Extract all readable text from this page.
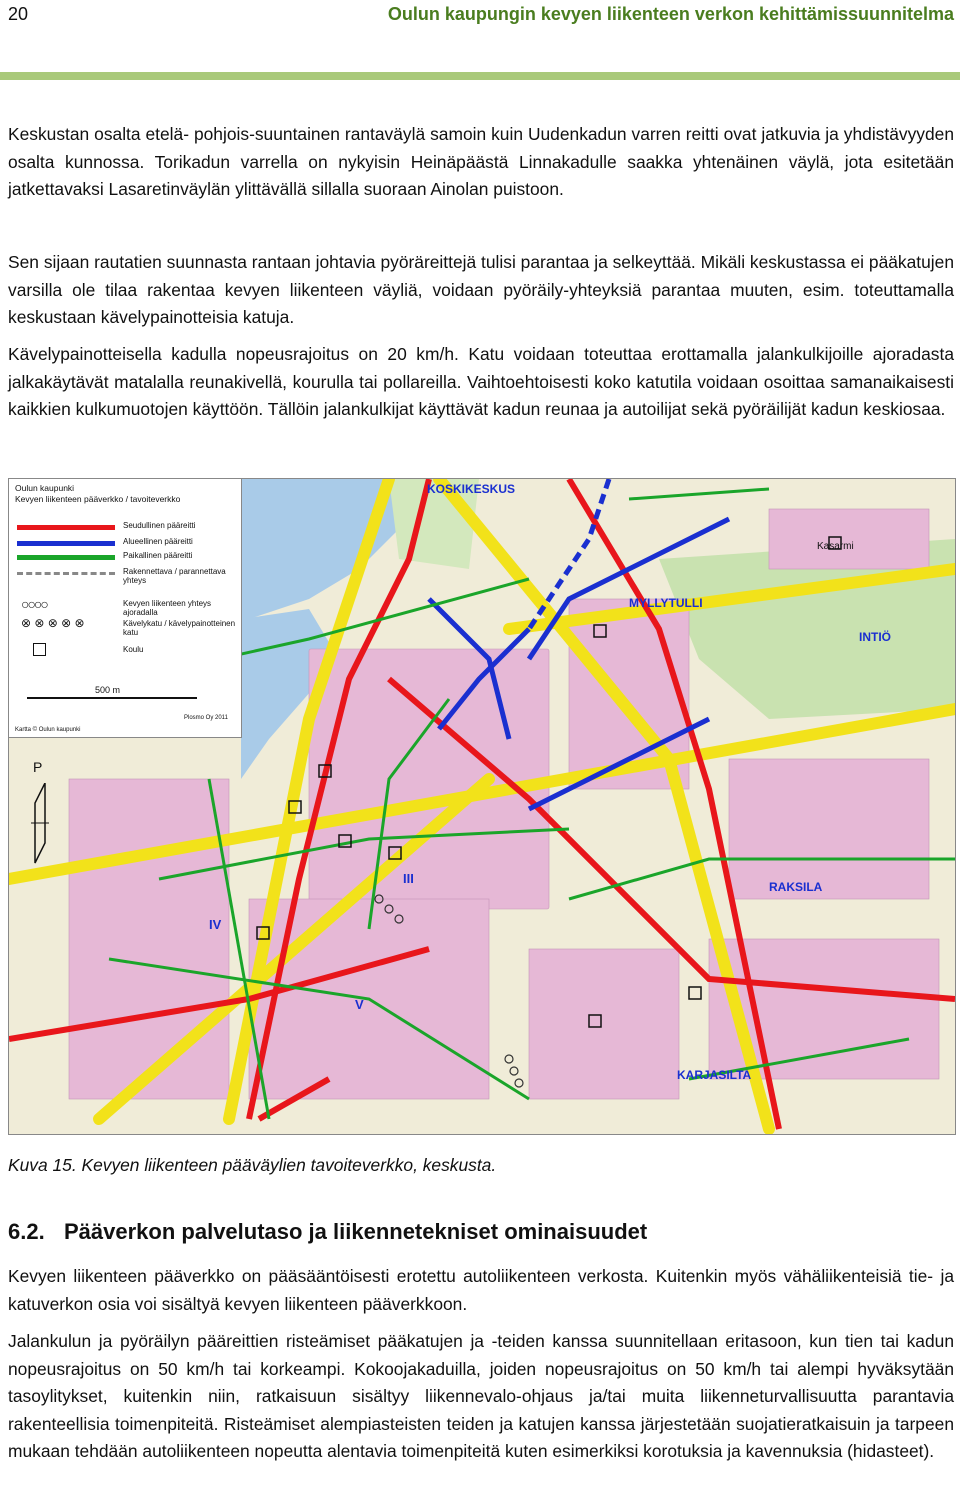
20	Oulun kaupungin kevyen liikenteen verkon kehittämissuunnitelma

Keskustan osalta etelä- pohjois-suuntainen rantaväylä samoin kuin Uudenkadun varren reitti ovat jatkuvia ja yhdistävyyden osalta kunnossa. Torikadun varrella on nykyisin Heinäpäästä Linnakadulle saakka yhtenäinen väylä, jota esitetään jatkettavaksi Lasaretinväylän ylittävällä sillalla suoraan Ainolan puistoon.

Sen sijaan rautatien suunnasta rantaan johtavia pyöräreittejä tulisi parantaa ja selkeyttää. Mikäli keskustassa ei pääkatujen varsilla ole tilaa rakentaa kevyen liikenteen väyliä, voidaan pyöräily-yhteyksiä parantaa muuten, esim. toteuttamalla keskustaan kävelypainotteisia katuja.

Kävelypainotteisella kadulla nopeusrajoitus on 20 km/h. Katu voidaan toteuttaa erottamalla jalankulkijoille ajoradasta jalkakäytävät matalalla reunakivellä, kourulla tai pollareilla. Vaihtoehtoisesti koko katutila voidaan osoittaa samanaikaisesti kaikkien kulkumuotojen käyttöön. Tällöin jalankulkijat käyttävät kadun reunaa ja autoilijat sekä pyöräilijät kadun keskiosaa.

KOSKIKESKUS
MYLLYTULLI
INTIÖ
RAKSILA
KARJASILTA
Kasarmi
IV
V
III
Oulun kaupunki
Kevyen liikenteen pääverkko / tavoiteverkko
Seudullinen pääreitti
Alueellinen pääreitti
Paikallinen pääreitti
Rakennettava / parannettava yhteys
○○○○	Kevyen liikenteen yhteys ajoradalla
⊗ ⊗ ⊗ ⊗ ⊗	Kävelykatu / kävelypainotteinen katu
Koulu
500 m
Plosmo Oy 2011
Kartta © Oulun kaupunki
P
Kuva 15. Kevyen liikenteen pääväylien tavoiteverkko, keskusta.
6.2. Pääverkon palvelutaso ja liikennetekniset ominaisuudet

Kevyen liikenteen pääverkko on pääsääntöisesti erotettu autoliikenteen verkosta. Kuitenkin myös vähäliikenteisiä tie- ja katuverkon osia voi sisältyä kevyen liikenteen pääverkkoon.

Jalankulun ja pyöräilyn pääreittien risteämiset pääkatujen ja -teiden kanssa suunnitellaan eritasoon, kun tien tai kadun nopeusrajoitus on 50 km/h tai korkeampi. Kokoojakaduilla, joiden nopeusrajoitus on 50 km/h tai alempi hyväksytään tasoylitykset, kuitenkin niin, ratkaisuun sisältyy liikennevalo-ohjaus ja/tai muita liikenneturvallisuutta parantavia rakenteellisia toimenpiteitä. Risteämiset alempiasteisten teiden ja katujen kanssa järjestetään suojatieratkaisuin ja tarpeen mukaan tehdään autoliikenteen nopeutta alentavia toimenpiteitä kuten esimerkiksi korotuksia ja kavennuksia (hidasteet).
